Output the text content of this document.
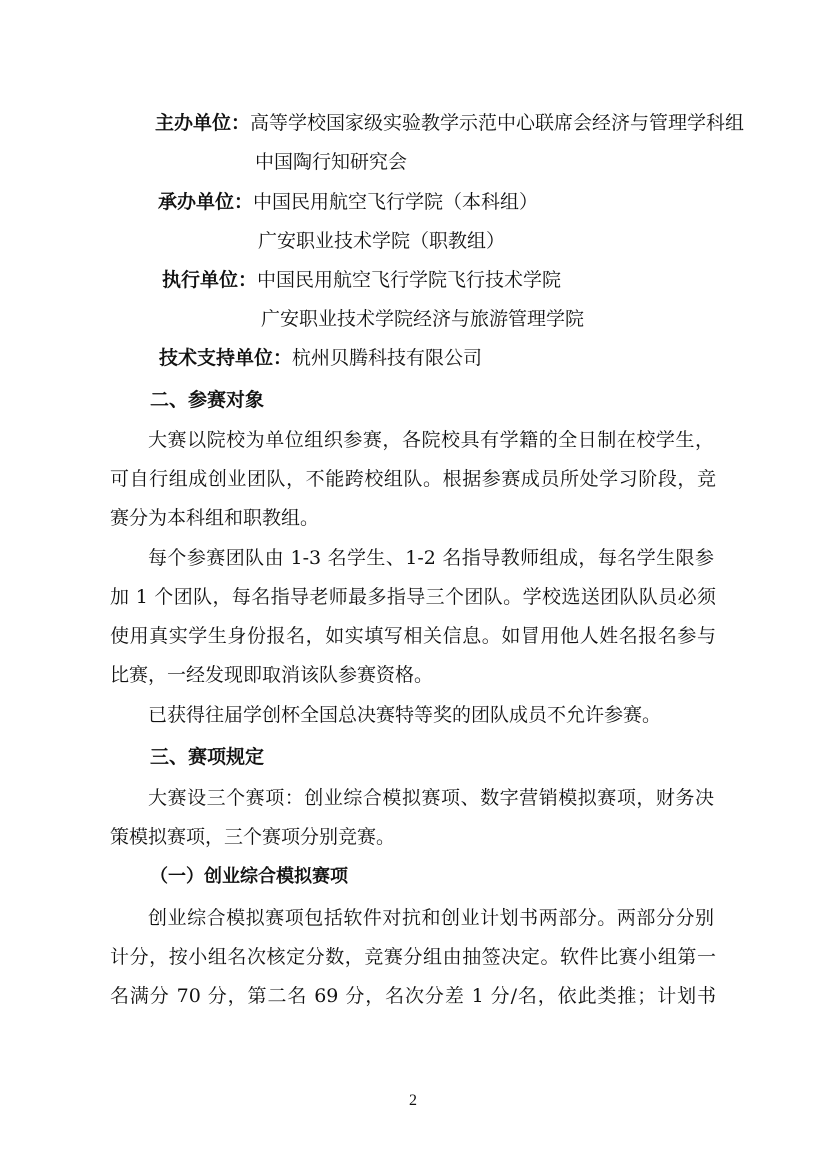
主办单位：高等学校国家级实验教学示范中心联席会经济与管理学科组
中国陶行知研究会
承办单位：中国民用航空飞行学院（本科组）
广安职业技术学院（职教组）
执行单位：中国民用航空飞行学院飞行技术学院
广安职业技术学院经济与旅游管理学院
技术支持单位：杭州贝腾科技有限公司
二、参赛对象
大赛以院校为单位组织参赛，各院校具有学籍的全日制在校学生，
可自行组成创业团队，不能跨校组队。根据参赛成员所处学习阶段，竞
赛分为本科组和职教组。
每个参赛团队由 1-3 名学生、1-2 名指导教师组成，每名学生限参
加 1 个团队，每名指导老师最多指导三个团队。学校选送团队队员必须
使用真实学生身份报名，如实填写相关信息。如冒用他人姓名报名参与
比赛，一经发现即取消该队参赛资格。
已获得往届学创杯全国总决赛特等奖的团队成员不允许参赛。
三、赛项规定
大赛设三个赛项：创业综合模拟赛项、数字营销模拟赛项，财务决
策模拟赛项，三个赛项分别竞赛。
（一）创业综合模拟赛项
创业综合模拟赛项包括软件对抗和创业计划书两部分。两部分分别
计分，按小组名次核定分数，竞赛分组由抽签决定。软件比赛小组第一
名满分 70 分，第二名 69 分，名次分差 1 分/名，依此类推；计划书
2
